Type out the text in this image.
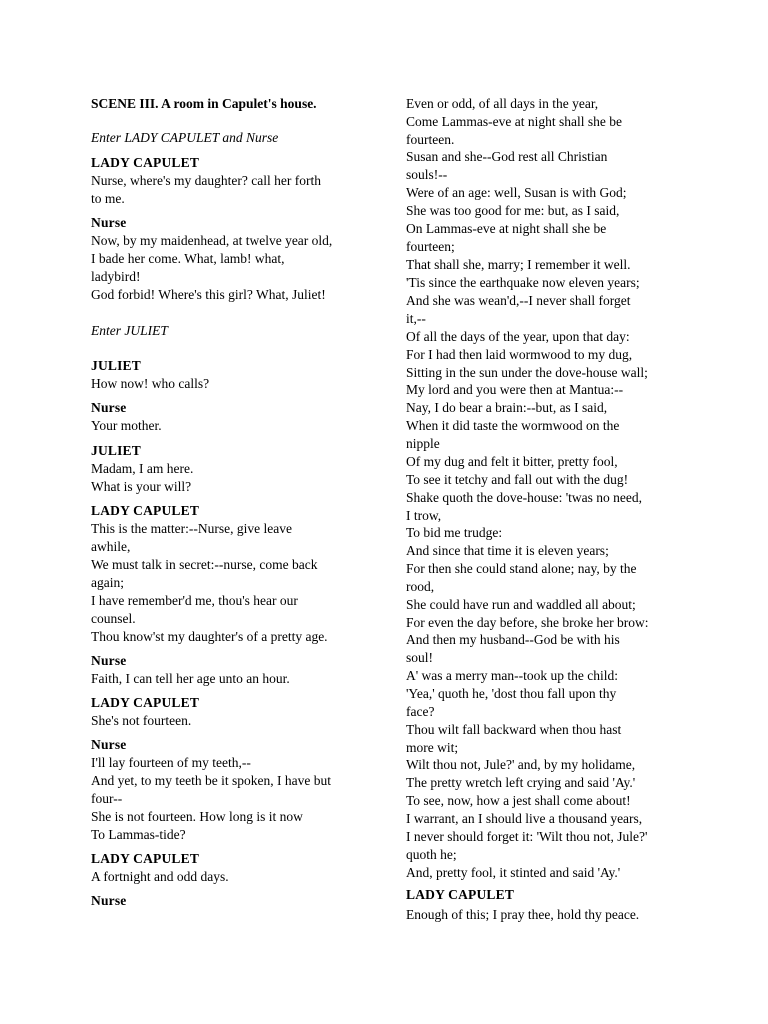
SCENE III. A room in Capulet's house.
Enter LADY CAPULET and Nurse
LADY CAPULET
Nurse, where's my daughter? call her forth
to me.
Nurse
Now, by my maidenhead, at twelve year old,
I bade her come. What, lamb! what,
ladybird!
God forbid! Where's this girl? What, Juliet!
Enter JULIET
JULIET
How now! who calls?
Nurse
Your mother.
JULIET
Madam, I am here.
What is your will?
LADY CAPULET
This is the matter:--Nurse, give leave
awhile,
We must talk in secret:--nurse, come back
again;
I have remember'd me, thou's hear our
counsel.
Thou know'st my daughter's of a pretty age.
Nurse
Faith, I can tell her age unto an hour.
LADY CAPULET
She's not fourteen.
Nurse
I'll lay fourteen of my teeth,--
And yet, to my teeth be it spoken, I have but
four--
She is not fourteen. How long is it now
To Lammas-tide?
LADY CAPULET
A fortnight and odd days.
Nurse
Even or odd, of all days in the year,
Come Lammas-eve at night shall she be
fourteen.
Susan and she--God rest all Christian
souls!--
Were of an age: well, Susan is with God;
She was too good for me: but, as I said,
On Lammas-eve at night shall she be
fourteen;
That shall she, marry; I remember it well.
'Tis since the earthquake now eleven years;
And she was wean'd,--I never shall forget
it,--
Of all the days of the year, upon that day:
For I had then laid wormwood to my dug,
Sitting in the sun under the dove-house wall;
My lord and you were then at Mantua:--
Nay, I do bear a brain:--but, as I said,
When it did taste the wormwood on the
nipple
Of my dug and felt it bitter, pretty fool,
To see it tetchy and fall out with the dug!
Shake quoth the dove-house: 'twas no need,
I trow,
To bid me trudge:
And since that time it is eleven years;
For then she could stand alone; nay, by the
rood,
She could have run and waddled all about;
For even the day before, she broke her brow:
And then my husband--God be with his
soul!
A' was a merry man--took up the child:
'Yea,' quoth he, 'dost thou fall upon thy
face?
Thou wilt fall backward when thou hast
more wit;
Wilt thou not, Jule?' and, by my holidame,
The pretty wretch left crying and said 'Ay.'
To see, now, how a jest shall come about!
I warrant, an I should live a thousand years,
I never should forget it: 'Wilt thou not, Jule?'
quoth he;
And, pretty fool, it stinted and said 'Ay.'
LADY CAPULET
Enough of this; I pray thee, hold thy peace.
